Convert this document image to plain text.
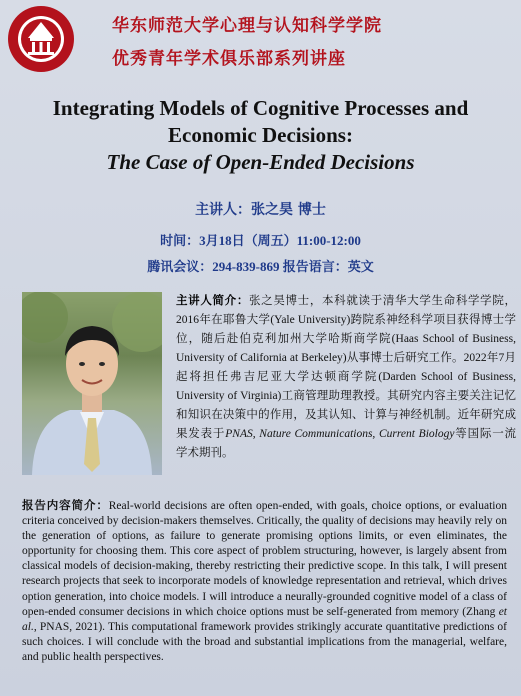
华东师范大学心理与认知科学学院
优秀青年学术俱乐部系列讲座
Integrating Models of Cognitive Processes and
Economic Decisions:
The Case of Open-Ended Decisions
主讲人：张之昊 博士
时间：3月18日（周五）11:00-12:00
腾讯会议：294-839-869 报告语言：英文
主讲人简介：张之昊博士，本科就读于清华大学生命科学学院，2016年在耶鲁大学(Yale University)跨院系神经科学项目获得博士学位，随后赴伯克利加州大学哈斯商学院(Haas School of Business, University of California at Berkeley)从事博士后研究工作。2022年7月起将担任弗吉尼亚大学达顿商学院(Darden School of Business, University of Virginia)工商管理助理教授。其研究内容主要关注记忆和知识在决策中的作用，及其认知、计算与神经机制。近年研究成果发表于PNAS, Nature Communications, Current Biology等国际一流学术期刊。
报告内容简介：Real-world decisions are often open-ended, with goals, choice options, or evaluation criteria conceived by decision-makers themselves. Critically, the quality of decisions may heavily rely on the generation of options, as failure to generate promising options limits, or even eliminates, the opportunity for choosing them. This core aspect of problem structuring, however, is largely absent from classical models of decision-making, thereby restricting their predictive scope. In this talk, I will present research projects that seek to incorporate models of knowledge representation and retrieval, which drives option generation, into choice models. I will introduce a neurally-grounded cognitive model of a class of open-ended consumer decisions in which choice options must be self-generated from memory (Zhang et al., PNAS, 2021). This computational framework provides strikingly accurate quantitative predictions of such choices. I will conclude with the broad and substantial implications from the managerial, welfare, and public health perspectives.
